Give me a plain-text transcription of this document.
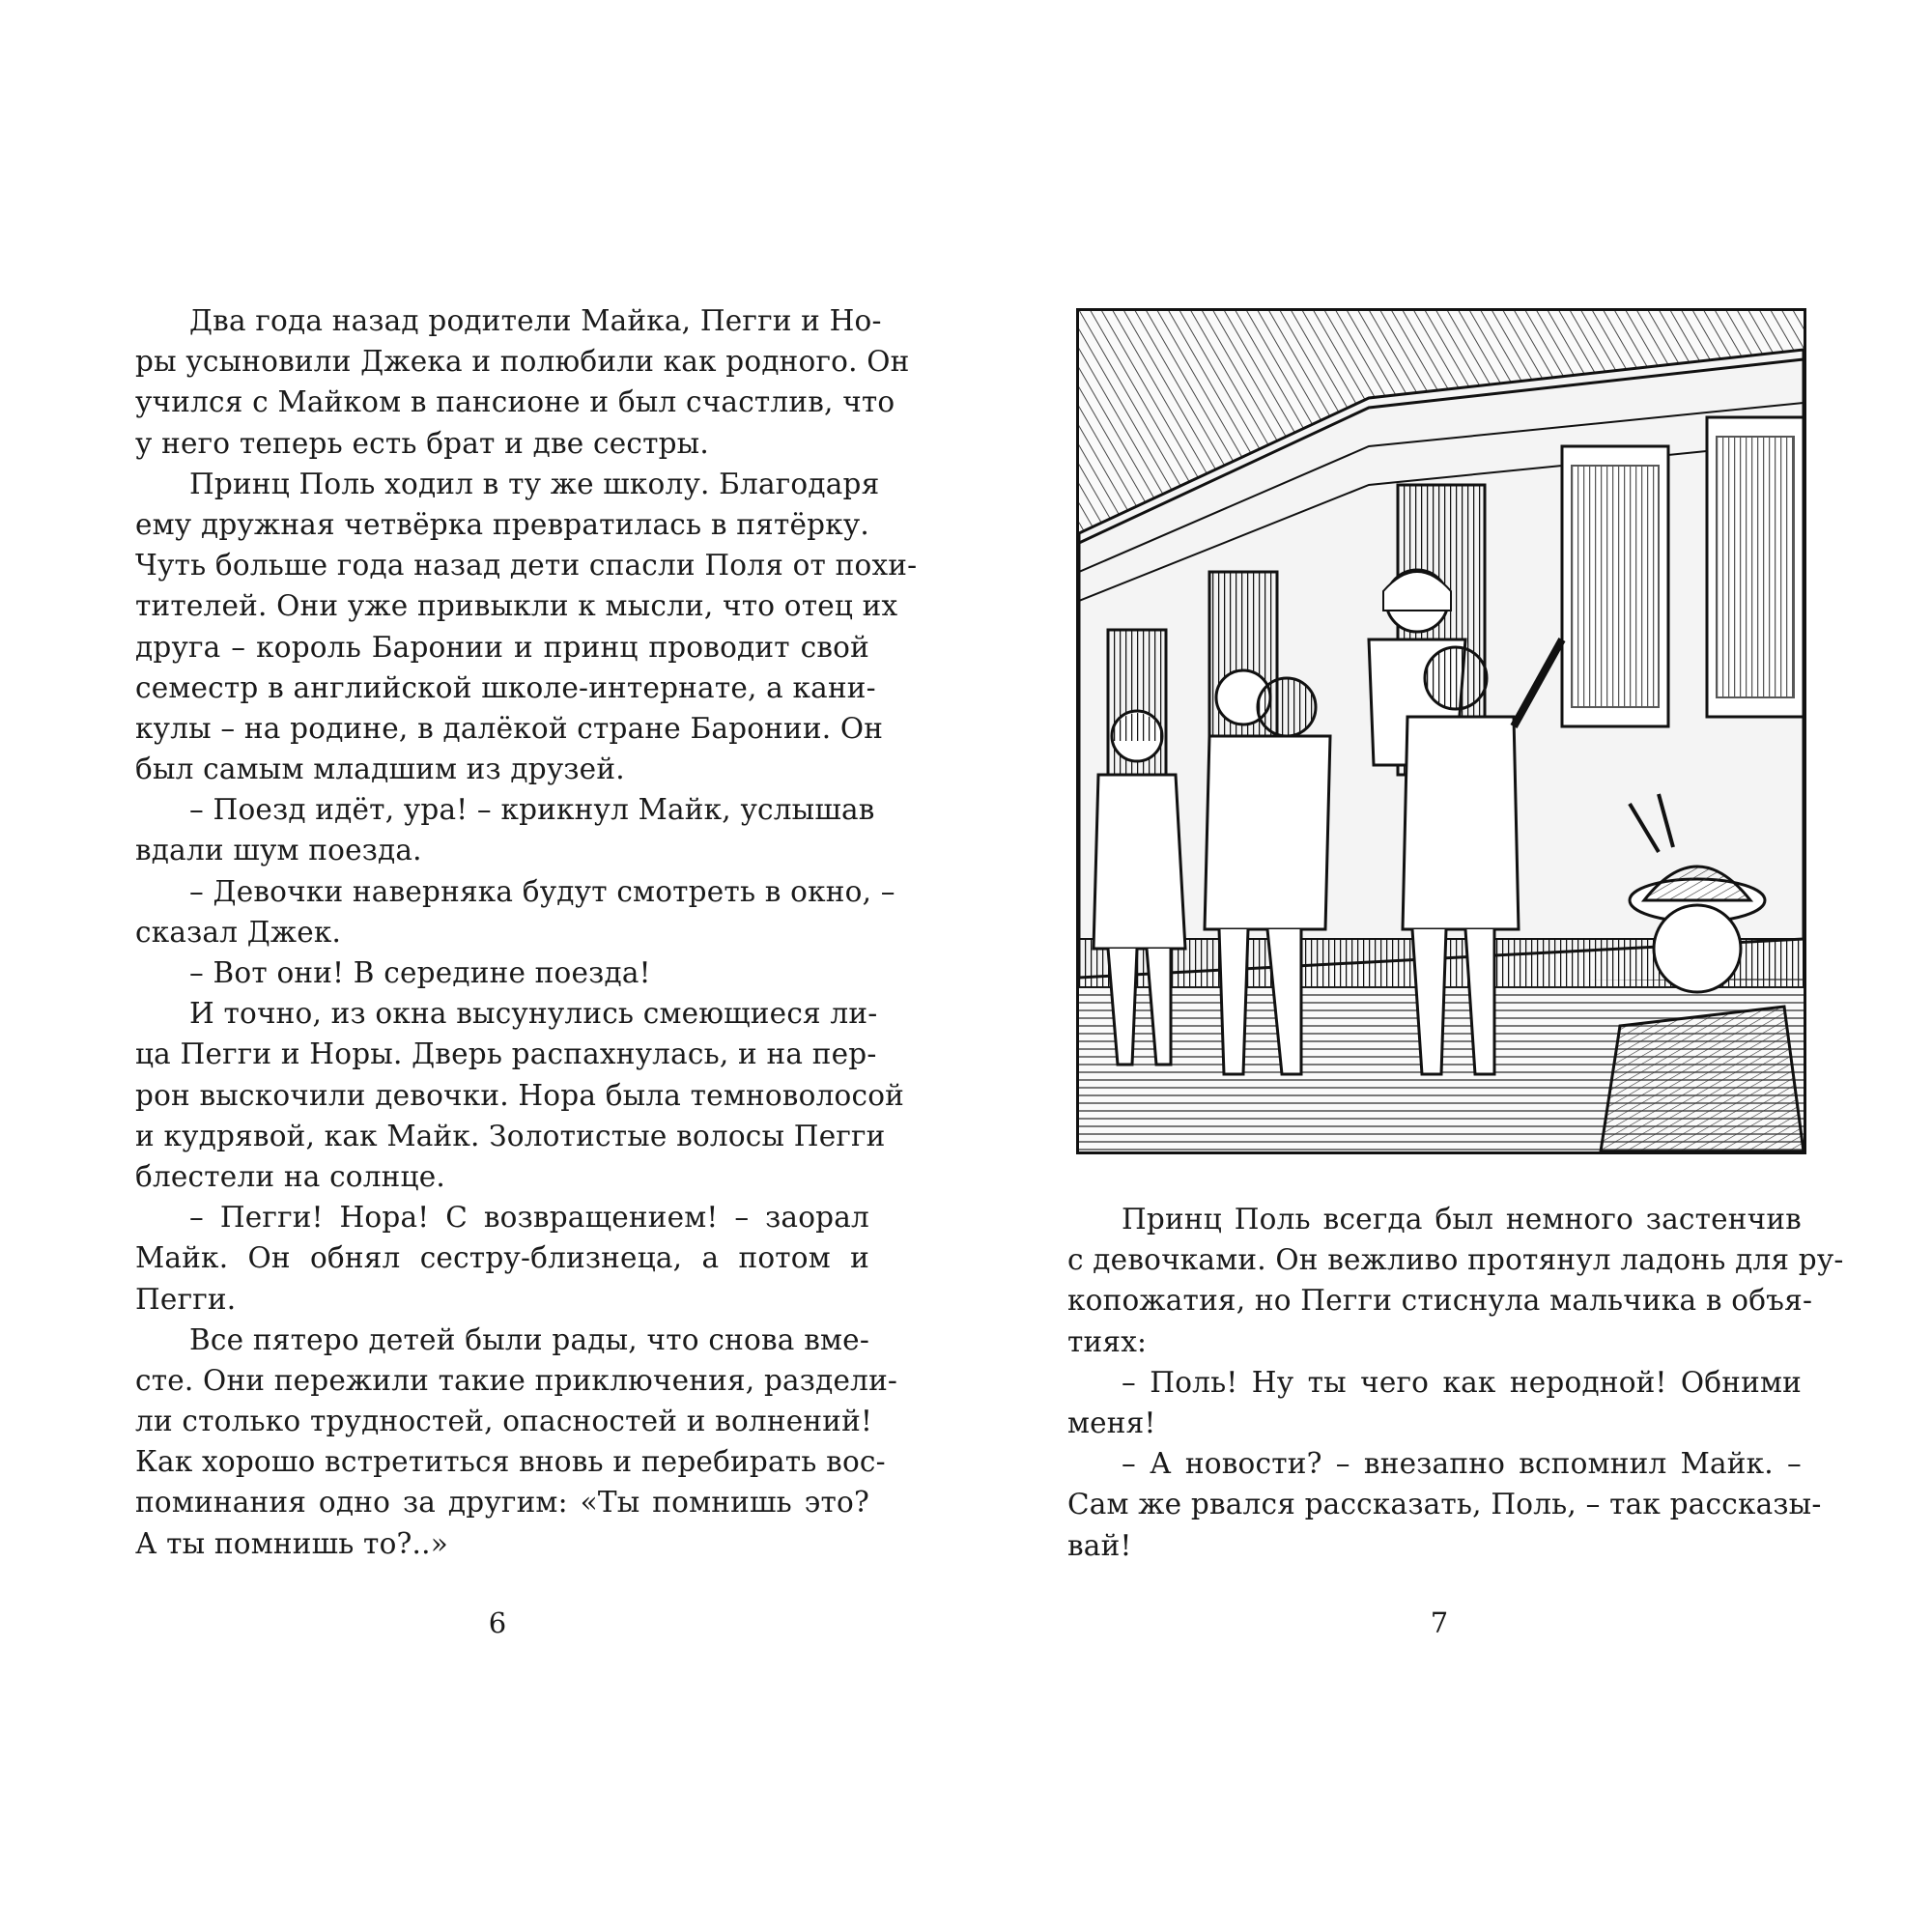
Два года назад родители Майка, Пегги и Но-
ры усыновили Джека и полюбили как родного. Он
учился с Майком в пансионе и был счастлив, что
у него теперь есть брат и две сестры.
Принц Поль ходил в ту же школу. Благодаря
ему дружная четвёрка превратилась в пятёрку.
Чуть больше года назад дети спасли Поля от похи-
тителей. Они уже привыкли к мысли, что отец их
друга – король Баронии и принц проводит свой
семестр в английской школе-интернате, а кани-
кулы – на родине, в далёкой стране Баронии. Он
был самым младшим из друзей.
– Поезд идёт, ура! – крикнул Майк, услышав
вдали шум поезда.
– Девочки наверняка будут смотреть в окно, –
сказал Джек.
– Вот они! В середине поезда!
И точно, из окна высунулись смеющиеся ли-
ца Пегги и Норы. Дверь распахнулась, и на пер-
рон выскочили девочки. Нора была темноволосой
и кудрявой, как Майк. Золотистые волосы Пегги
блестели на солнце.
– Пегги! Нора! С возвращением! – заорал
Майк. Он обнял сестру-близнеца, а потом и
Пегги.
Все пятеро детей были рады, что снова вме-
сте. Они пережили такие приключения, раздели-
ли столько трудностей, опасностей и волнений!
Как хорошо встретиться вновь и перебирать вос-
поминания одно за другим: «Ты помнишь это?
А ты помнишь то?..»
6
Принц Поль всегда был немного застенчив
с девочками. Он вежливо протянул ладонь для ру-
копожатия, но Пегги стиснула мальчика в объя-
тиях:
– Поль! Ну ты чего как неродной! Обними
меня!
– А новости? – внезапно вспомнил Майк. –
Сам же рвался рассказать, Поль, – так рассказы-
вай!
7
